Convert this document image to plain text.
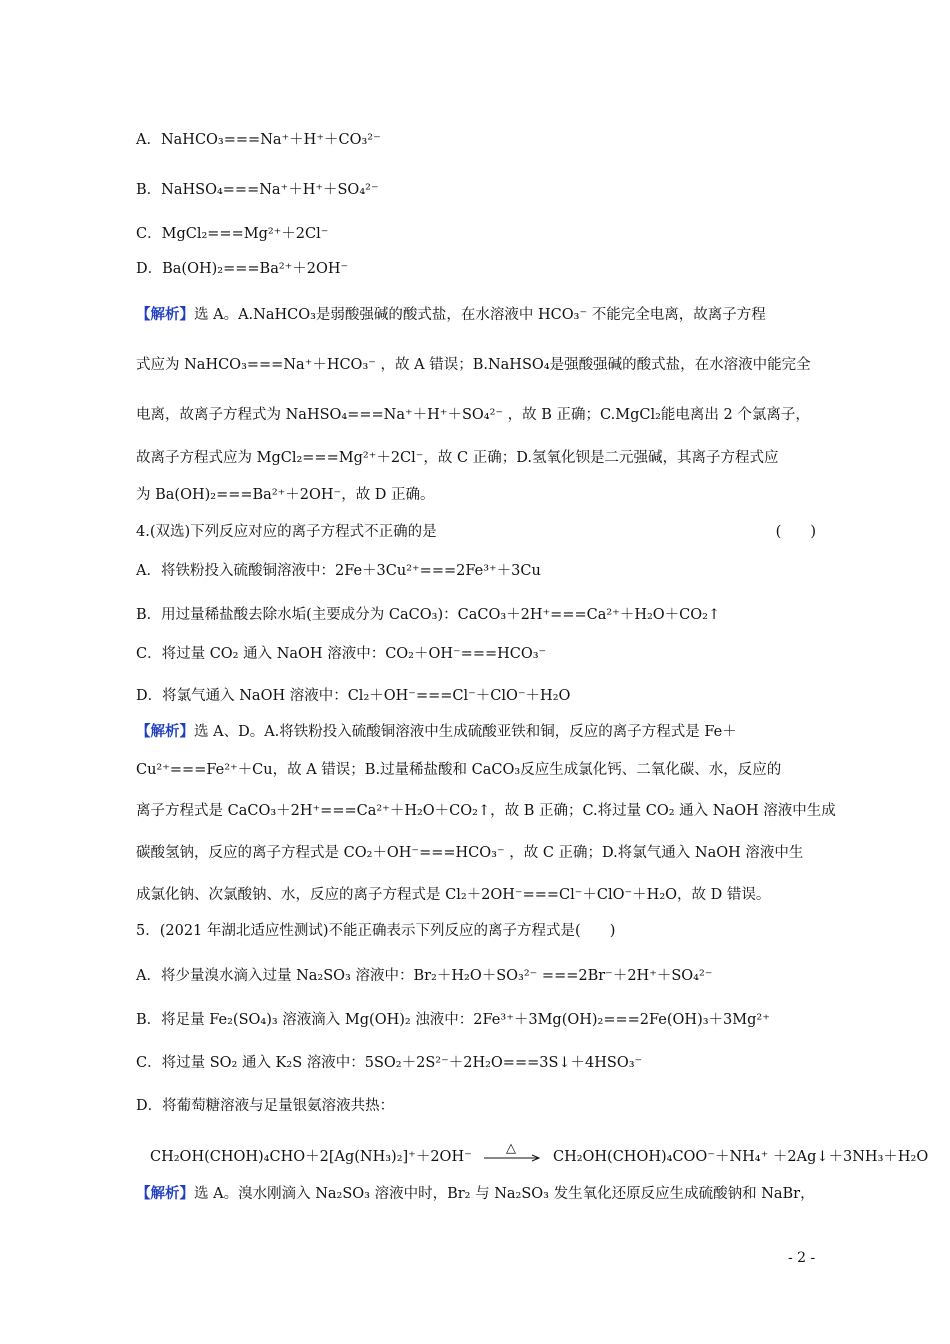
A．NaHCO₃===Na⁺＋H⁺＋CO₃²⁻
B．NaHSO₄===Na⁺＋H⁺＋SO₄²⁻
C．MgCl₂===Mg²⁺＋2Cl⁻
D．Ba(OH)₂===Ba²⁺＋2OH⁻
【解析】选 A。A.NaHCO₃是弱酸强碱的酸式盐，在水溶液中 HCO₃⁻ 不能完全电离，故离子方程
式应为 NaHCO₃===Na⁺＋HCO₃⁻ ，故 A 错误；B.NaHSO₄是强酸强碱的酸式盐，在水溶液中能完全
电离，故离子方程式为 NaHSO₄===Na⁺＋H⁺＋SO₄²⁻ ，故 B 正确；C.MgCl₂能电离出 2 个氯离子，
故离子方程式应为 MgCl₂===Mg²⁺＋2Cl⁻，故 C 正确；D.氢氧化钡是二元强碱，其离子方程式应
为 Ba(OH)₂===Ba²⁺＋2OH⁻，故 D 正确。
4.(双选)下列反应对应的离子方程式不正确的是	(　　)
A．将铁粉投入硫酸铜溶液中：2Fe＋3Cu²⁺===2Fe³⁺＋3Cu
B．用过量稀盐酸去除水垢(主要成分为 CaCO₃)：CaCO₃＋2H⁺===Ca²⁺＋H₂O＋CO₂↑
C．将过量 CO₂ 通入 NaOH 溶液中：CO₂＋OH⁻===HCO₃⁻
D．将氯气通入 NaOH 溶液中：Cl₂＋OH⁻===Cl⁻＋ClO⁻＋H₂O
【解析】选 A、D。A.将铁粉投入硫酸铜溶液中生成硫酸亚铁和铜，反应的离子方程式是 Fe＋
Cu²⁺===Fe²⁺＋Cu，故 A 错误；B.过量稀盐酸和 CaCO₃反应生成氯化钙、二氧化碳、水，反应的
离子方程式是 CaCO₃＋2H⁺===Ca²⁺＋H₂O＋CO₂↑，故 B 正确；C.将过量 CO₂ 通入 NaOH 溶液中生成
碳酸氢钠，反应的离子方程式是 CO₂＋OH⁻===HCO₃⁻ ，故 C 正确；D.将氯气通入 NaOH 溶液中生
成氯化钠、次氯酸钠、水，反应的离子方程式是 Cl₂＋2OH⁻===Cl⁻＋ClO⁻＋H₂O，故 D 错误。
5．(2021 年湖北适应性测试)不能正确表示下列反应的离子方程式是(　　)
A．将少量溴水滴入过量 Na₂SO₃ 溶液中：Br₂＋H₂O＋SO₃²⁻ ===2Br⁻＋2H⁺＋SO₄²⁻
B．将足量 Fe₂(SO₄)₃ 溶液滴入 Mg(OH)₂ 浊液中：2Fe³⁺＋3Mg(OH)₂===2Fe(OH)₃＋3Mg²⁺
C．将过量 SO₂ 通入 K₂S 溶液中：5SO₂＋2S²⁻＋2H₂O===3S↓＋4HSO₃⁻
D．将葡萄糖溶液与足量银氨溶液共热：
CH₂OH(CHOH)₄CHO＋2[Ag(NH₃)₂]⁺＋2OH⁻
△
CH₂OH(CHOH)₄COO⁻＋NH₄⁺ ＋2Ag↓＋3NH₃＋H₂O
【解析】选 A。溴水刚滴入 Na₂SO₃ 溶液中时，Br₂ 与 Na₂SO₃ 发生氧化还原反应生成硫酸钠和 NaBr，
- 2 -
